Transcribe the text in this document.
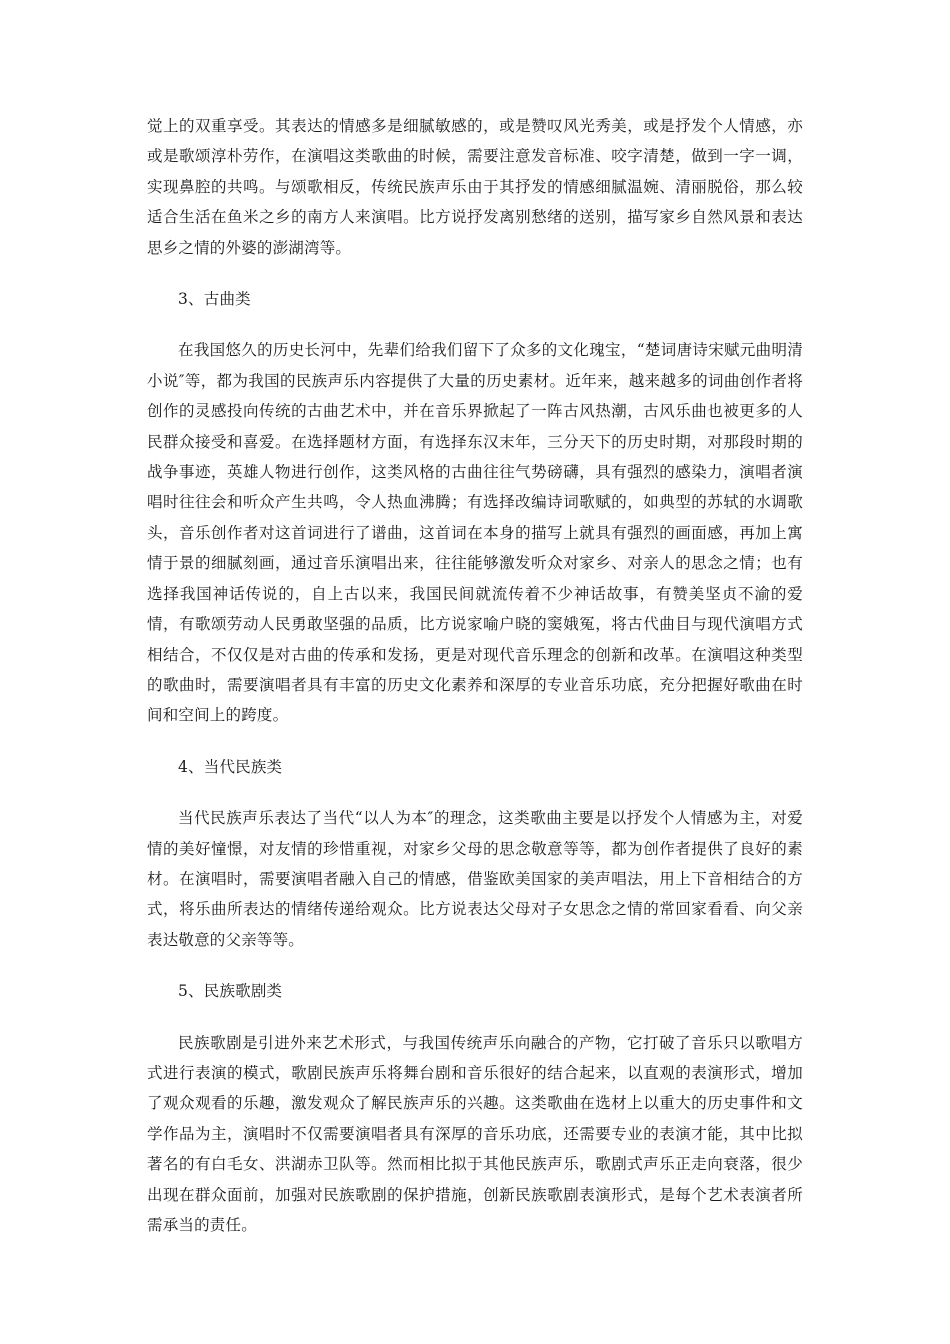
觉上的双重享受。其表达的情感多是细腻敏感的，或是赞叹风光秀美，或是抒发个人情感，亦或是歌颂淳朴劳作，在演唱这类歌曲的时候，需要注意发音标准、咬字清楚，做到一字一调，实现鼻腔的共鸣。与颂歌相反，传统民族声乐由于其抒发的情感细腻温婉、清丽脱俗，那么较适合生活在鱼米之乡的南方人来演唱。比方说抒发离别愁绪的送别，描写家乡自然风景和表达思乡之情的外婆的澎湖湾等。

3、古曲类

在我国悠久的历史长河中，先辈们给我们留下了众多的文化瑰宝，“楚词唐诗宋赋元曲明清小说″等，都为我国的民族声乐内容提供了大量的历史素材。近年来，越来越多的词曲创作者将创作的灵感投向传统的古曲艺术中，并在音乐界掀起了一阵古风热潮，古风乐曲也被更多的人民群众接受和喜爱。在选择题材方面，有选择东汉末年，三分天下的历史时期，对那段时期的战争事迹，英雄人物进行创作，这类风格的古曲往往气势磅礴，具有强烈的感染力，演唱者演唱时往往会和听众产生共鸣，令人热血沸腾；有选择改编诗词歌赋的，如典型的苏轼的水调歌头，音乐创作者对这首词进行了谱曲，这首词在本身的描写上就具有强烈的画面感，再加上寓情于景的细腻刻画，通过音乐演唱出来，往往能够激发听众对家乡、对亲人的思念之情；也有选择我国神话传说的，自上古以来，我国民间就流传着不少神话故事，有赞美坚贞不渝的爱情，有歌颂劳动人民勇敢坚强的品质，比方说家喻户晓的窦娥冤，将古代曲目与现代演唱方式相结合，不仅仅是对古曲的传承和发扬，更是对现代音乐理念的创新和改革。在演唱这种类型的歌曲时，需要演唱者具有丰富的历史文化素养和深厚的专业音乐功底，充分把握好歌曲在时间和空间上的跨度。

4、当代民族类

当代民族声乐表达了当代“以人为本″的理念，这类歌曲主要是以抒发个人情感为主，对爱情的美好憧憬，对友情的珍惜重视，对家乡父母的思念敬意等等，都为创作者提供了良好的素材。在演唱时，需要演唱者融入自己的情感，借鉴欧美国家的美声唱法，用上下音相结合的方式，将乐曲所表达的情绪传递给观众。比方说表达父母对子女思念之情的常回家看看、向父亲表达敬意的父亲等等。

5、民族歌剧类

民族歌剧是引进外来艺术形式，与我国传统声乐向融合的产物，它打破了音乐只以歌唱方式进行表演的模式，歌剧民族声乐将舞台剧和音乐很好的结合起来，以直观的表演形式，增加了观众观看的乐趣，激发观众了解民族声乐的兴趣。这类歌曲在选材上以重大的历史事件和文学作品为主，演唱时不仅需要演唱者具有深厚的音乐功底，还需要专业的表演才能，其中比拟著名的有白毛女、洪湖赤卫队等。然而相比拟于其他民族声乐，歌剧式声乐正走向衰落，很少出现在群众面前，加强对民族歌剧的保护措施，创新民族歌剧表演形式，是每个艺术表演者所需承当的责任。
